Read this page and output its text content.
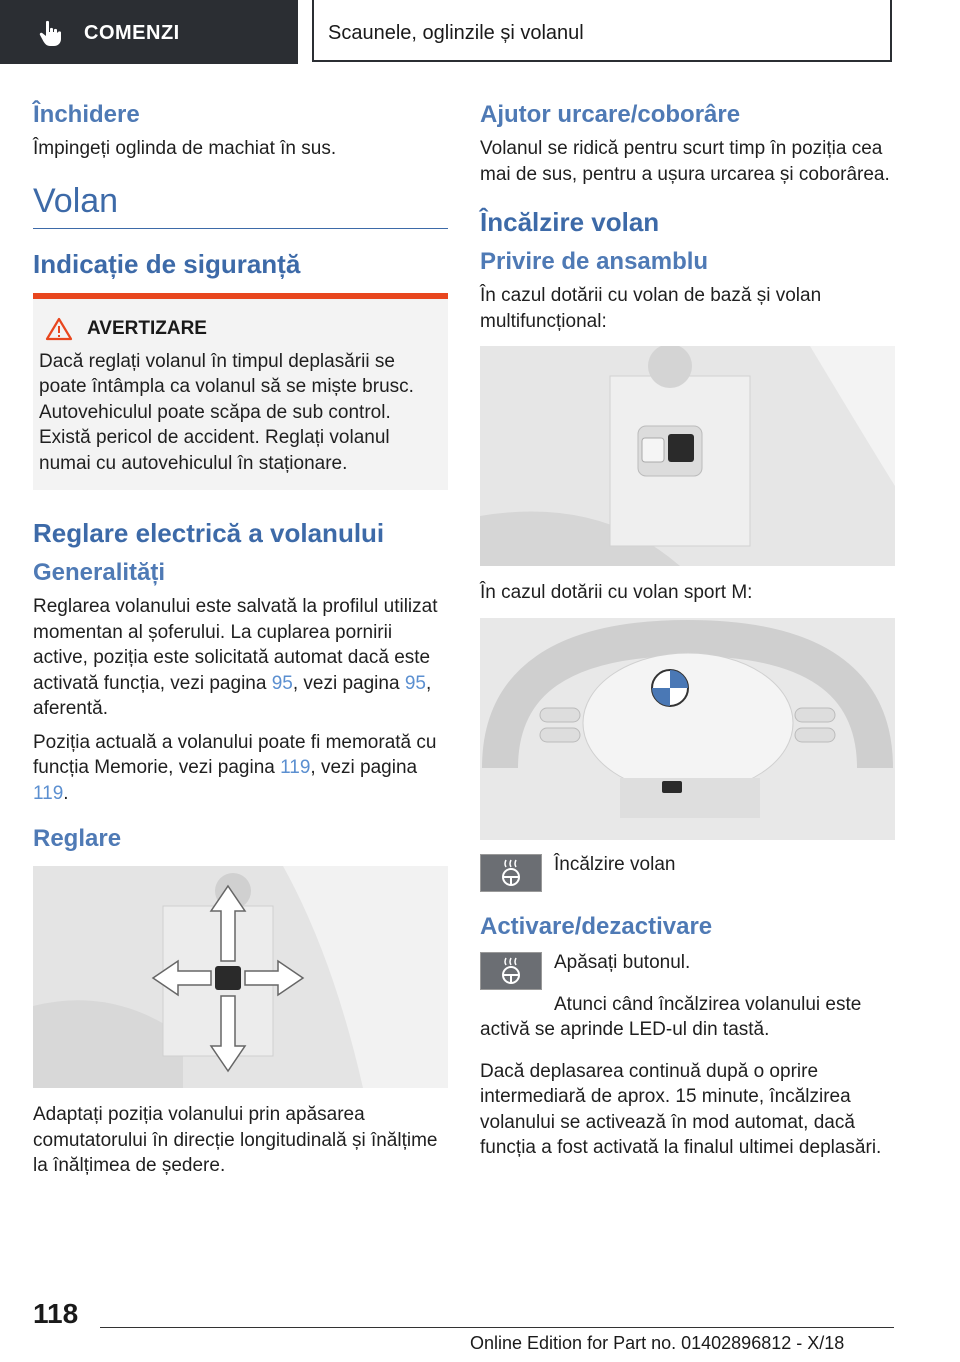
COMENZI	Scaunele, oglinzile și volanul
Închidere

Împingeți oglinda de machiat în sus.

Volan
Indicație de siguranță
AVERTIZARE

Dacă reglați volanul în timpul deplasării se poate întâmpla ca volanul să se miște brusc. Autovehiculul poate scăpa de sub control. Există pericol de accident. Reglați volanul numai cu autovehiculul în staționare.

Reglare electrică a volanului
Generalități

Reglarea volanului este salvată la profilul utilizat momentan al șoferului. La cuplarea pornirii active, poziția este solicitată automat dacă este activată funcția, vezi pagina 95, vezi pagina 95, aferentă.

Poziția actuală a volanului poate fi memorată cu funcția Memorie, vezi pagina 119, vezi pagina 119.

Reglare

Adaptați poziția volanului prin apăsarea comutatorului în direcție longitudinală și înălțime la înălțimea de ședere.

Ajutor urcare/coborâre

Volanul se ridică pentru scurt timp în poziția cea mai de sus, pentru a ușura urcarea și coborârea.

Încălzire volan
Privire de ansamblu

În cazul dotării cu volan de bază și volan multifuncțional:

În cazul dotării cu volan sport M:

Încălzire volan

Activare/dezactivare

Apăsați butonul.

Atunci când încălzirea volanului este activă se aprinde LED-ul din tastă.

Dacă deplasarea continuă după o oprire intermediară de aprox. 15 minute, încălzirea volanului se activează în mod automat, dacă funcția a fost activată la finalul ultimei deplasări.

118
Online Edition for Part no. 01402896812 - X/18
